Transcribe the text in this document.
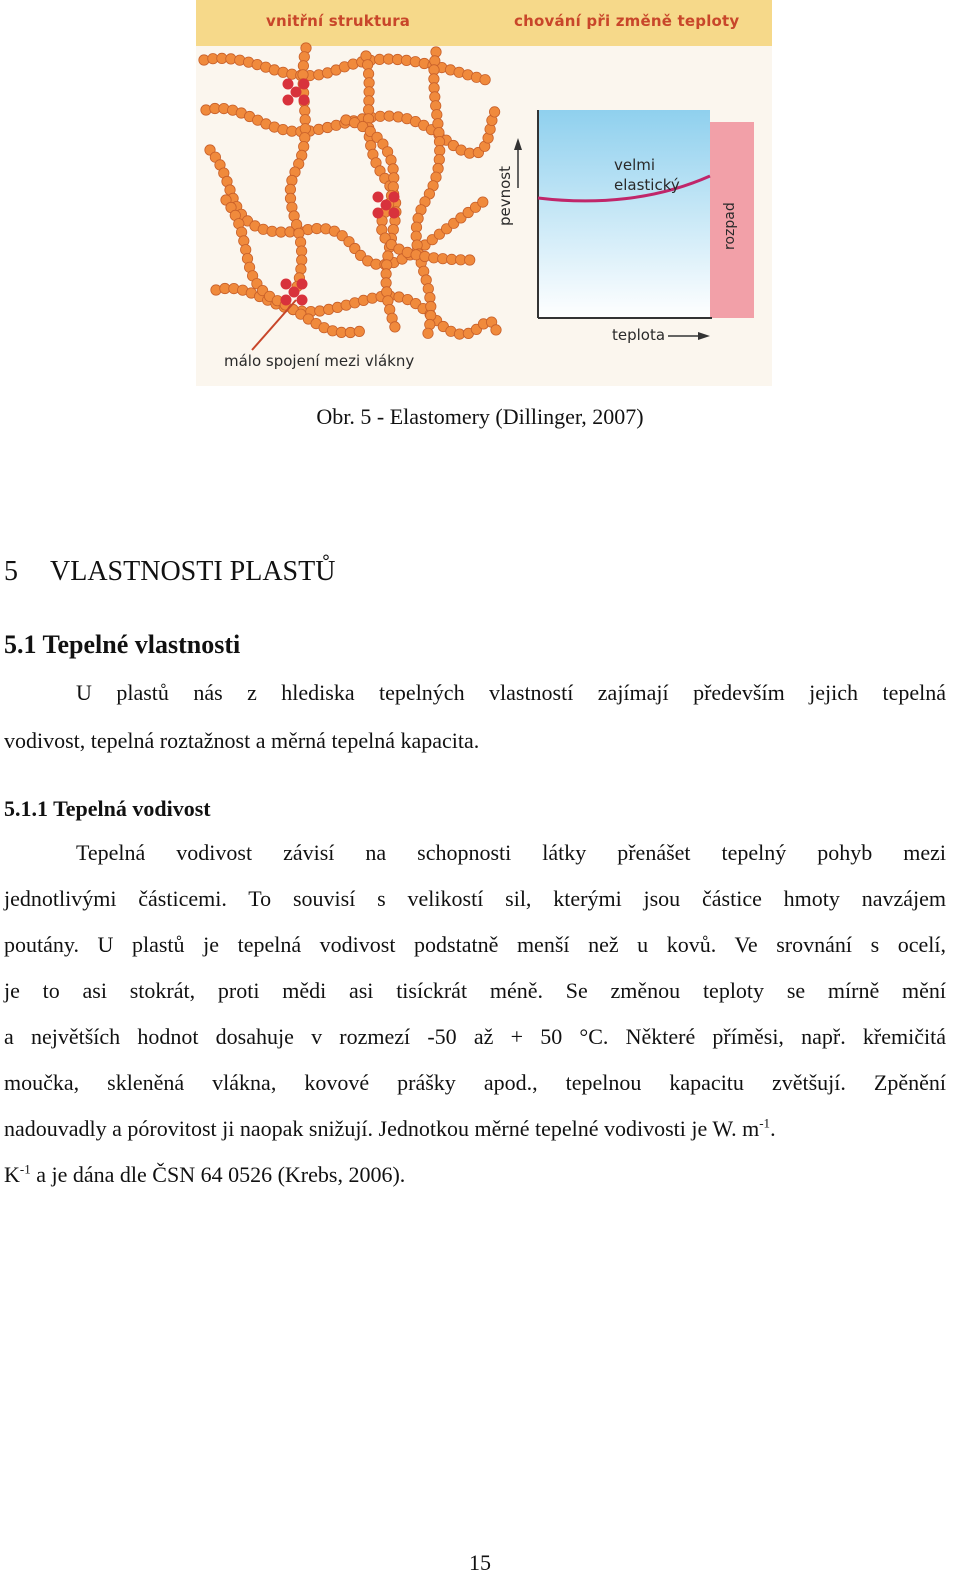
vnitřní struktura	chování při změně teploty
teplota
pevnost
velmi
elastický
rozpad
málo spojení mezi vlákny
Obr. 5 - Elastomery (Dillinger, 2007)
5 VLASTNOSTI PLASTŮ
5.1 Tepelné vlastnosti
U plastů nás z hlediska tepelných vlastností zajímají především jejich tepelná
vodivost, tepelná roztažnost a měrná tepelná kapacita.
5.1.1 Tepelná vodivost
Tepelná vodivost závisí na schopnosti látky přenášet tepelný pohyb mezi
jednotlivými částicemi. To souvisí s velikostí sil, kterými jsou částice hmoty navzájem
poutány. U plastů je tepelná vodivost podstatně menší než u kovů. Ve srovnání s ocelí,
je to asi stokrát, proti mědi asi tisíckrát méně. Se změnou teploty se mírně mění
a největších hodnot dosahuje v rozmezí -50 až + 50 °C. Některé příměsi, např. křemičitá
moučka, skleněná vlákna, kovové prášky apod., tepelnou kapacitu zvětšují. Zpěnění
nadouvadly a pórovitost ji naopak snižují. Jednotkou měrné tepelné vodivosti je W. $m^{-1}$.
$K^{-1}$ a je dána dle ČSN 64 0526 (Krebs, 2006).
15
